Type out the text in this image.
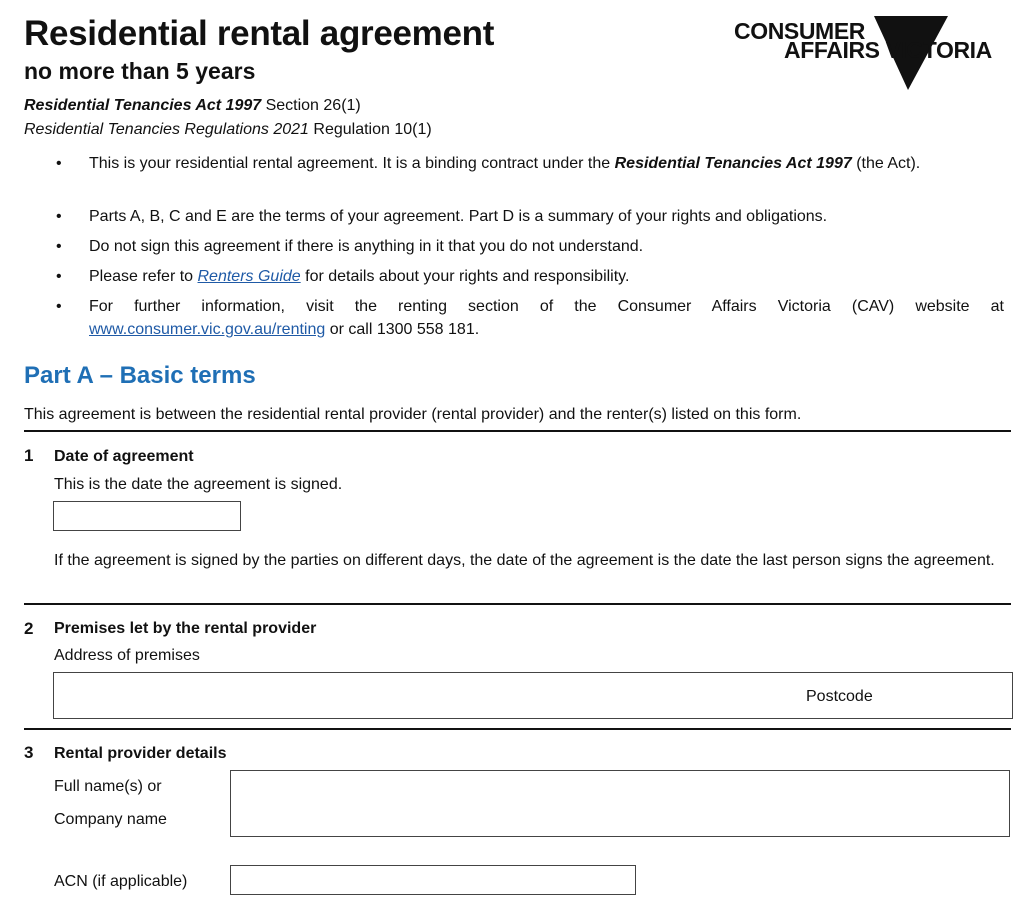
Residential rental agreement
no more than 5 years
Residential Tenancies Act 1997 Section 26(1)
Residential Tenancies Regulations 2021 Regulation 10(1)
CONSUMER
AFFAIRS VICTORIA
• This is your residential rental agreement. It is a binding contract under the Residential Tenancies Act 1997 (the Act).
• Parts A, B, C and E are the terms of your agreement. Part D is a summary of your rights and obligations.
• Do not sign this agreement if there is anything in it that you do not understand.
• Please refer to Renters Guide for details about your rights and responsibility.
• For further information, visit the renting section of the Consumer Affairs Victoria (CAV) website at www.consumer.vic.gov.au/renting or call 1300 558 181.
Part A – Basic terms
This agreement is between the residential rental provider (rental provider) and the renter(s) listed on this form.
1 Date of agreement
This is the date the agreement is signed.
If the agreement is signed by the parties on different days, the date of the agreement is the date the last person signs the agreement.
2 Premises let by the rental provider
Address of premises
Postcode
3 Rental provider details
Full name(s) or
Company name
ACN (if applicable)
